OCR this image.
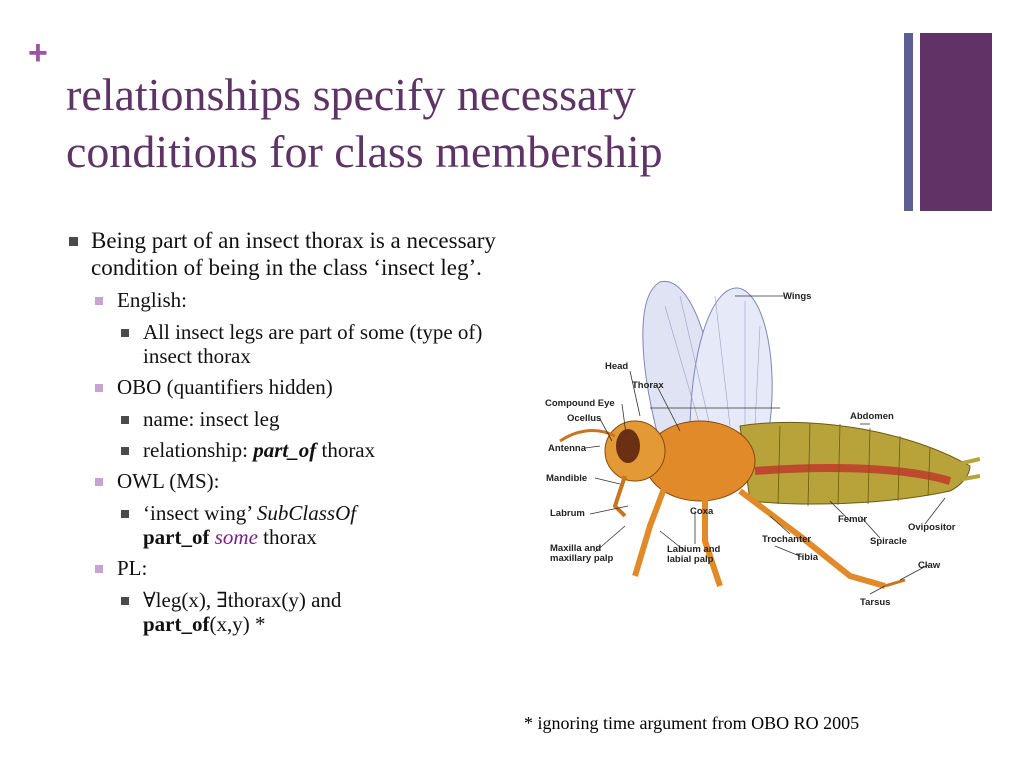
+
relationships specify necessary
conditions for class membership
Being part of an insect thorax is a necessary condition of being in the class ‘insect leg’.
English:
All insect legs are part of some (type of) insect thorax
OBO (quantifiers hidden)
name: insect leg
relationship: part_of thorax
OWL (MS):
‘insect wing’ SubClassOf
part_of some thorax
PL:
∀leg(x), ∃thorax(y) and
part_of(x,y) *
Wings
Head
Thorax
Compound Eye
Ocellus	Abdomen
Antenna
Mandible
Labrum	Coxa
Femur
Ovipositor
Maxilla and
maxillary palp
Labium and
labial palp
Trochanter	Spiracle
Tibia
Claw
Tarsus
* ignoring time argument from OBO RO 2005
